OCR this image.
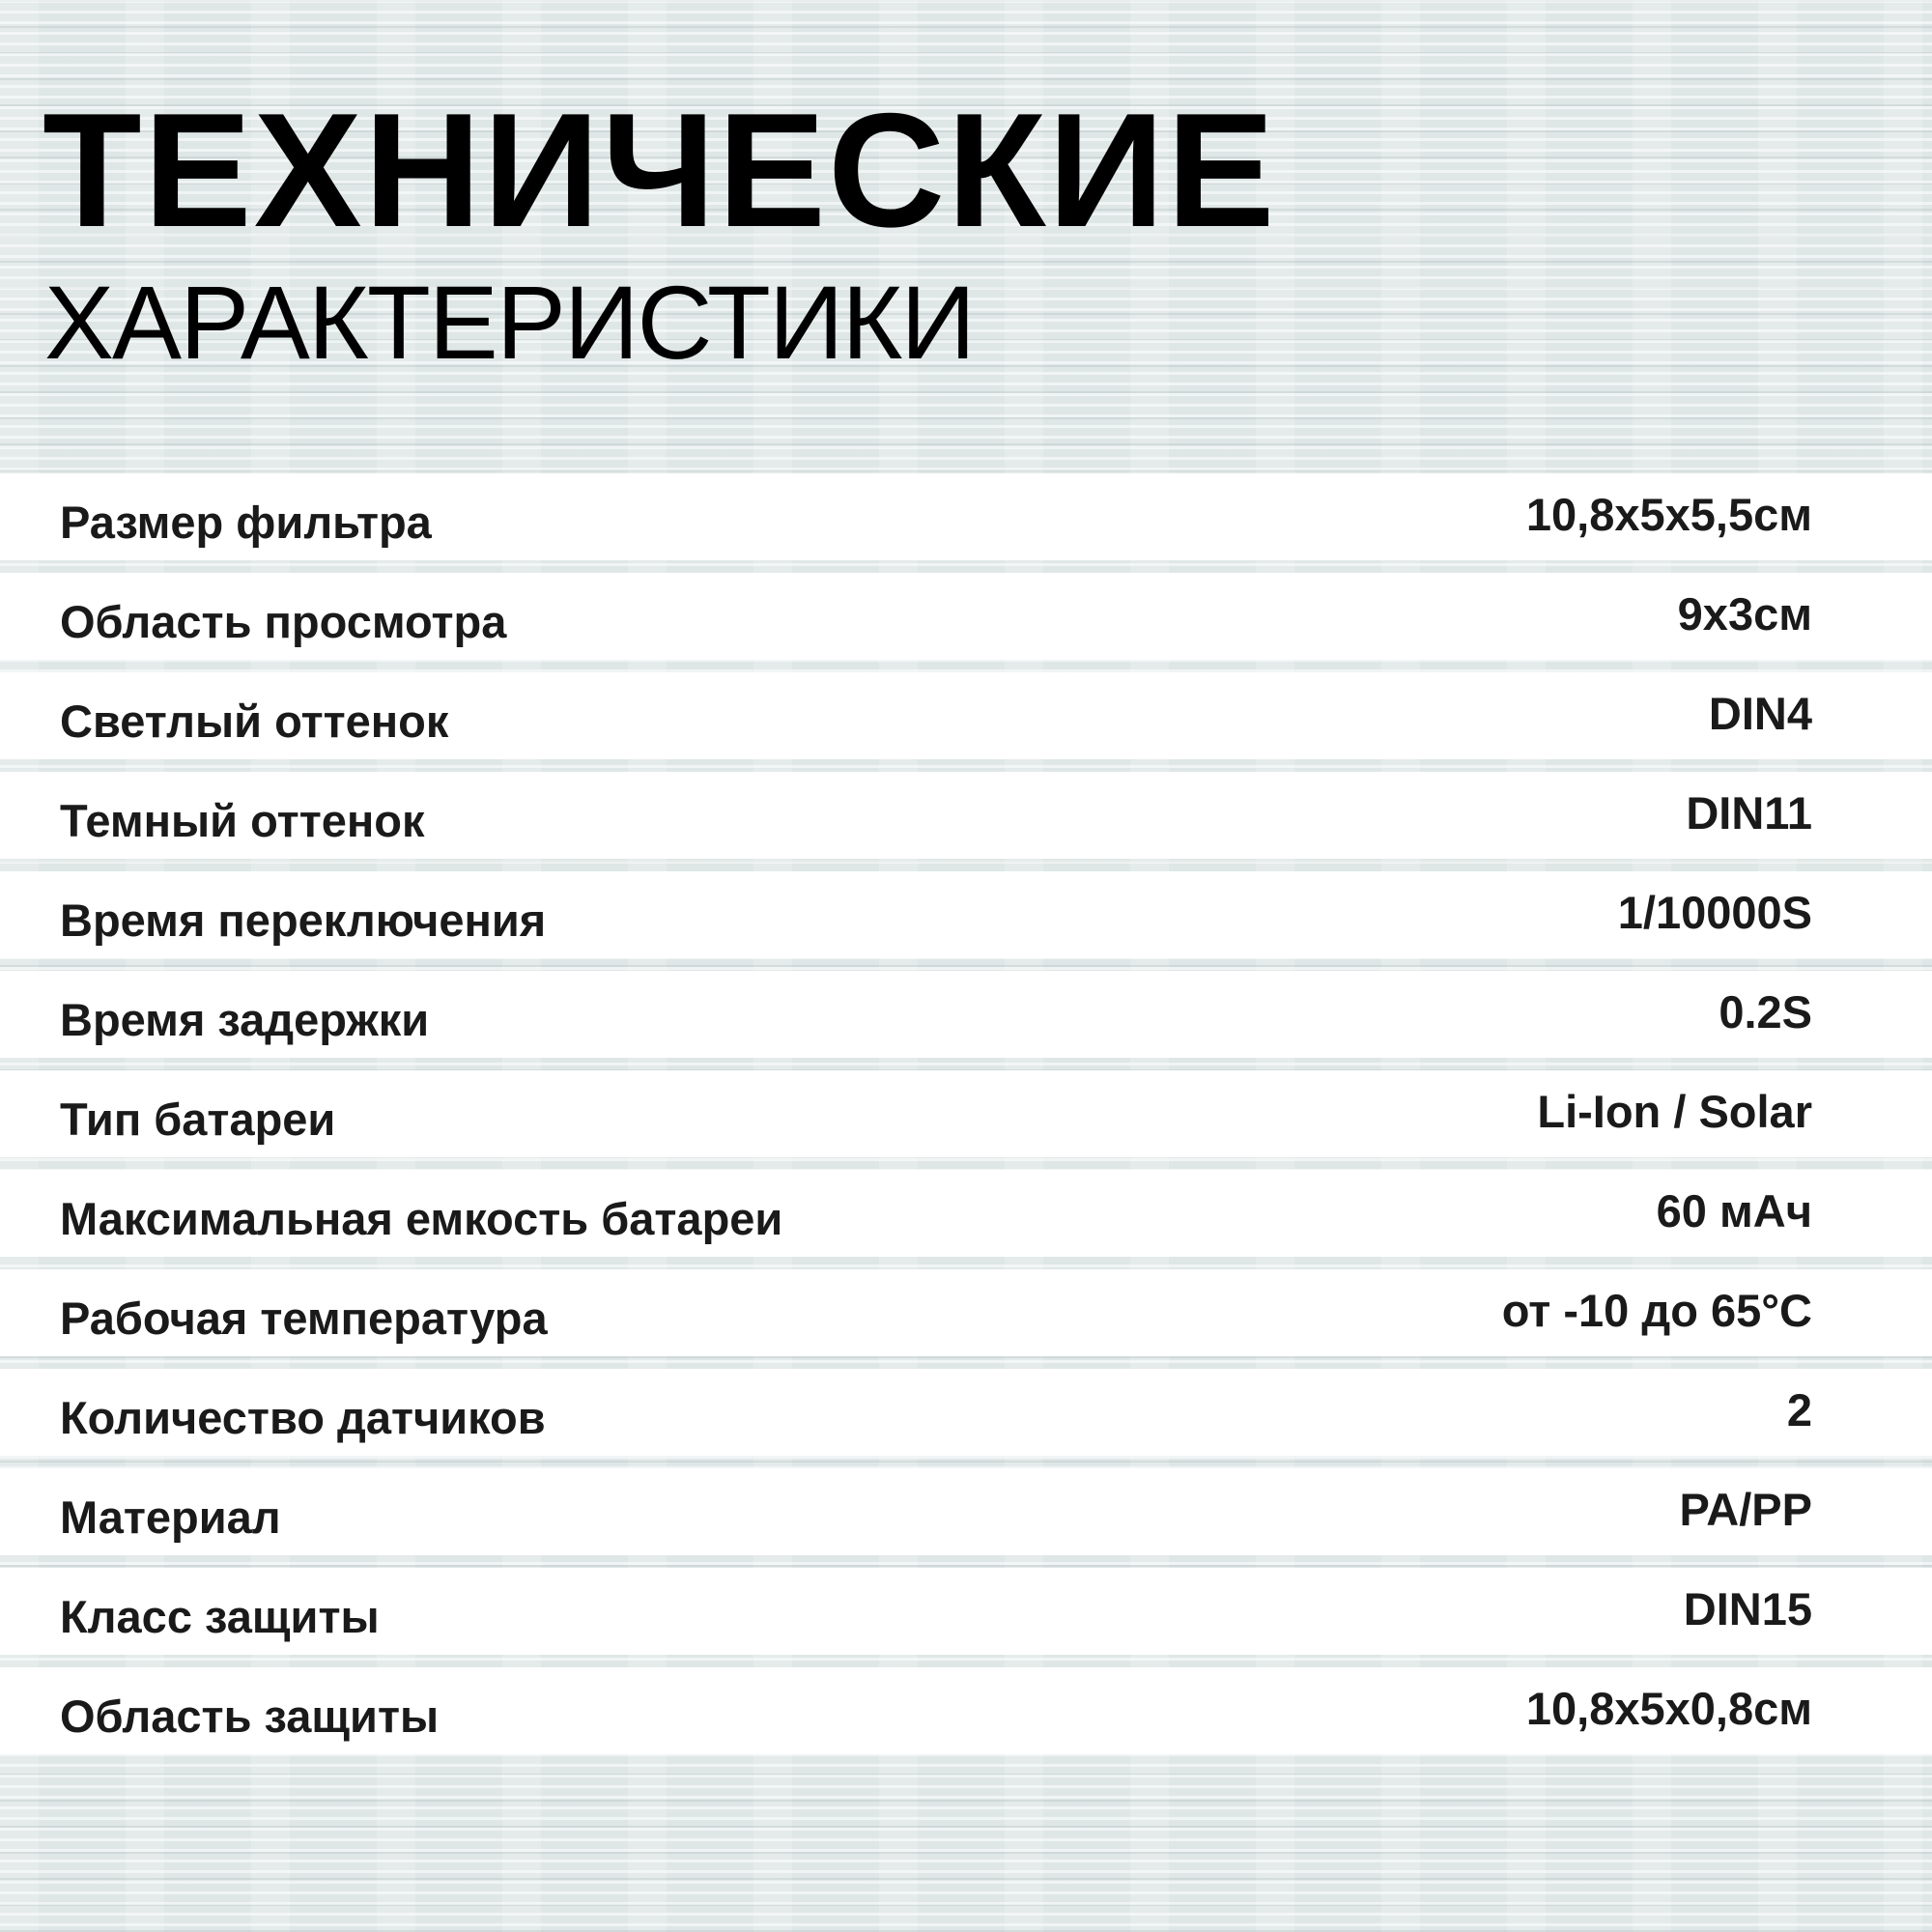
ТЕХНИЧЕСКИЕ
ХАРАКТЕРИСТИКИ
Размер фильтра	10,8x5x5,5см
Область просмотра	9x3см
Светлый оттенок	DIN4
Темный оттенок	DIN11
Время переключения	1/10000S
Время задержки	0.2S
Тип батареи	Li-Ion / Solar
Максимальная емкость батареи	60 мАч
Рабочая температура	от -10 до 65°C
Количество датчиков	2
Материал	PA/PP
Класс защиты	DIN15
Область защиты	10,8x5x0,8см
